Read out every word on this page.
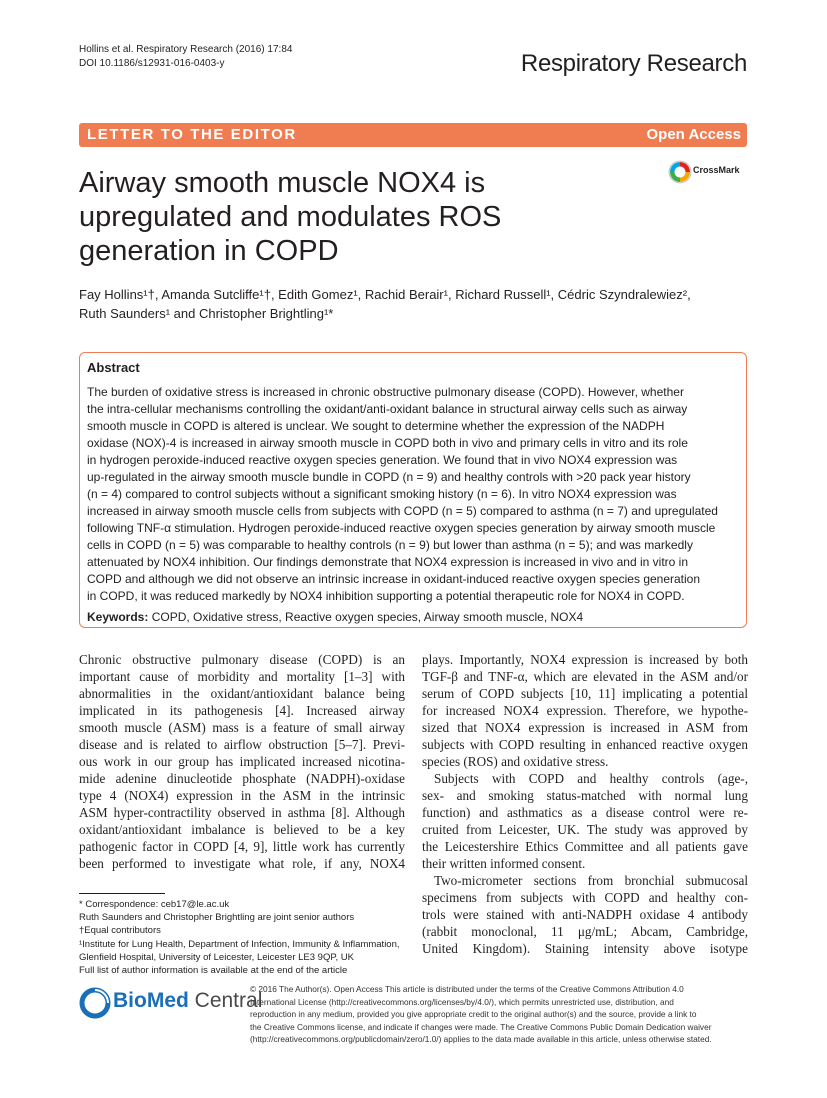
Hollins et al. Respiratory Research (2016) 17:84
DOI 10.1186/s12931-016-0403-y	Respiratory Research
LETTER TO THE EDITOR	Open Access
Airway smooth muscle NOX4 is
upregulated and modulates ROS
generation in COPD
CrossMark
Fay Hollins¹†, Amanda Sutcliffe¹†, Edith Gomez¹, Rachid Berair¹, Richard Russell¹, Cédric Szyndralewiez²,
Ruth Saunders¹ and Christopher Brightling¹*
Abstract
The burden of oxidative stress is increased in chronic obstructive pulmonary disease (COPD). However, whether
the intra-cellular mechanisms controlling the oxidant/anti-oxidant balance in structural airway cells such as airway
smooth muscle in COPD is altered is unclear. We sought to determine whether the expression of the NADPH
oxidase (NOX)-4 is increased in airway smooth muscle in COPD both in vivo and primary cells in vitro and its role
in hydrogen peroxide-induced reactive oxygen species generation. We found that in vivo NOX4 expression was
up-regulated in the airway smooth muscle bundle in COPD (n = 9) and healthy controls with >20 pack year history
(n = 4) compared to control subjects without a significant smoking history (n = 6). In vitro NOX4 expression was
increased in airway smooth muscle cells from subjects with COPD (n = 5) compared to asthma (n = 7) and upregulated
following TNF-α stimulation. Hydrogen peroxide-induced reactive oxygen species generation by airway smooth muscle
cells in COPD (n = 5) was comparable to healthy controls (n = 9) but lower than asthma (n = 5); and was markedly
attenuated by NOX4 inhibition. Our findings demonstrate that NOX4 expression is increased in vivo and in vitro in
COPD and although we did not observe an intrinsic increase in oxidant-induced reactive oxygen species generation
in COPD, it was reduced markedly by NOX4 inhibition supporting a potential therapeutic role for NOX4 in COPD.
Keywords: COPD, Oxidative stress, Reactive oxygen species, Airway smooth muscle, NOX4
Chronic obstructive pulmonary disease (COPD) is an
important cause of morbidity and mortality [1–3] with
abnormalities in the oxidant/antioxidant balance being
implicated in its pathogenesis [4]. Increased airway
smooth muscle (ASM) mass is a feature of small airway
disease and is related to airflow obstruction [5–7]. Previ-
ous work in our group has implicated increased nicotina-
mide adenine dinucleotide phosphate (NADPH)-oxidase
type 4 (NOX4) expression in the ASM in the intrinsic
ASM hyper-contractility observed in asthma [8]. Although
oxidant/antioxidant imbalance is believed to be a key
pathogenic factor in COPD [4, 9], little work has currently
been performed to investigate what role, if any, NOX4
plays. Importantly, NOX4 expression is increased by both
TGF-β and TNF-α, which are elevated in the ASM and/or
serum of COPD subjects [10, 11] implicating a potential
for increased NOX4 expression. Therefore, we hypothe-
sized that NOX4 expression is increased in ASM from
subjects with COPD resulting in enhanced reactive oxygen
species (ROS) and oxidative stress.
Subjects with COPD and healthy controls (age-,
sex- and smoking status-matched with normal lung
function) and asthmatics as a disease control were re-
cruited from Leicester, UK. The study was approved by
the Leicestershire Ethics Committee and all patients gave
their written informed consent.
Two-micrometer sections from bronchial submucosal
specimens from subjects with COPD and healthy con-
trols were stained with anti-NADPH oxidase 4 antibody
(rabbit monoclonal, 11 μg/mL; Abcam, Cambridge,
United Kingdom). Staining intensity above isotype
* Correspondence: ceb17@le.ac.uk
Ruth Saunders and Christopher Brightling are joint senior authors
†Equal contributors
¹Institute for Lung Health, Department of Infection, Immunity & Inflammation,
Glenfield Hospital, University of Leicester, Leicester LE3 9QP, UK
Full list of author information is available at the end of the article
BioMed Central
© 2016 The Author(s). Open Access This article is distributed under the terms of the Creative Commons Attribution 4.0
International License (http://creativecommons.org/licenses/by/4.0/), which permits unrestricted use, distribution, and
reproduction in any medium, provided you give appropriate credit to the original author(s) and the source, provide a link to
the Creative Commons license, and indicate if changes were made. The Creative Commons Public Domain Dedication waiver
(http://creativecommons.org/publicdomain/zero/1.0/) applies to the data made available in this article, unless otherwise stated.
